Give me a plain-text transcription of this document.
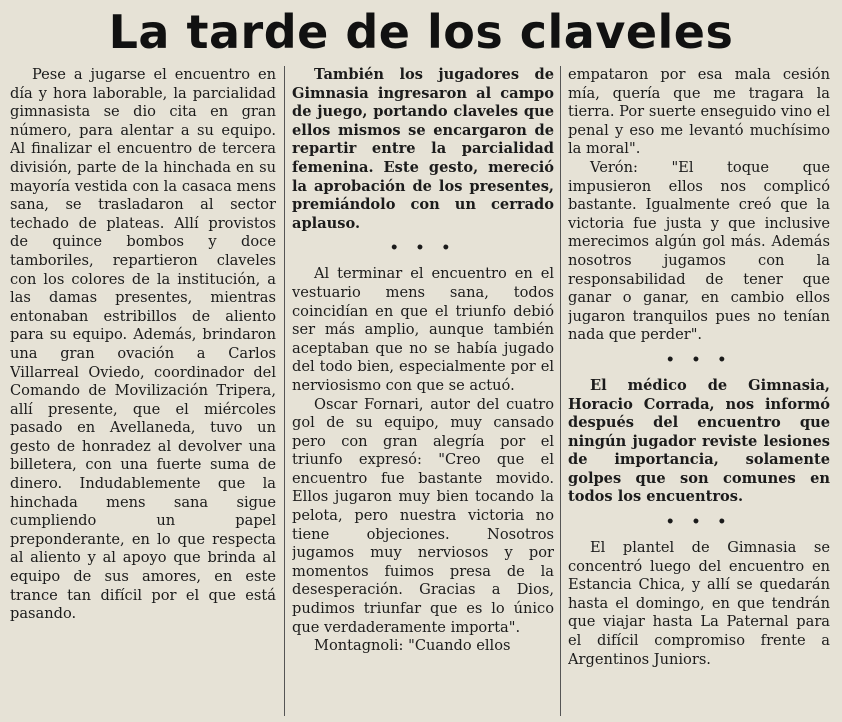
La tarde de los claveles

Pese a jugarse el encuentro en día y hora laborable, la parcialidad gimnasista se dio cita en gran número, para alentar a su equipo. Al finalizar el encuentro de tercera división, parte de la hinchada en su mayoría vestida con la casaca mens sana, se trasladaron al sector techado de plateas. Allí provistos de quince bombos y doce tamboriles, repartieron claveles con los colores de la institución, a las damas presentes, mientras entonaban estribillos de aliento para su equipo. Además, brindaron una gran ovación a Carlos Villarreal Oviedo, coordinador del Comando de Movilización Tripera, allí presente, que el miércoles pasado en Avellaneda, tuvo un gesto de honradez al devolver una billetera, con una fuerte suma de dinero. Indudablemente que la hinchada mens sana sigue cumpliendo un papel preponderante, en lo que respecta al aliento y al apoyo que brinda al equipo de sus amores, en este trance tan difícil por el que está pasando.

También los jugadores de Gimnasia ingresaron al campo de juego, portando claveles que ellos mismos se encargaron de repartir entre la parcialidad femenina. Este gesto, mereció la aprobación de los presentes, premiándolo con un cerrado aplauso.

• • •

Al terminar el encuentro en el vestuario mens sana, todos coincidían en que el triunfo debió ser más amplio, aunque también aceptaban que no se había jugado del todo bien, especialmente por el nerviosismo con que se actuó.

Oscar Fornari, autor del cuatro gol de su equipo, muy cansado pero con gran alegría por el triunfo expresó: "Creo que el encuentro fue bastante movido. Ellos jugaron muy bien tocando la pelota, pero nuestra victoria no tiene objeciones. Nosotros jugamos muy nerviosos y por momentos fuimos presa de la desesperación. Gracias a Dios, pudimos triunfar que es lo único que verdaderamente importa".

Montagnoli: "Cuando ellos

empataron por esa mala cesión mía, quería que me tragara la tierra. Por suerte enseguido vino el penal y eso me levantó muchísimo la moral".

Verón: "El toque que impusieron ellos nos complicó bastante. Igualmente creó que la victoria fue justa y que inclusive merecimos algún gol más. Además nosotros jugamos con la responsabilidad de tener que ganar o ganar, en cambio ellos jugaron tranquilos pues no tenían nada que perder".

• • •

El médico de Gimnasia, Horacio Corrada, nos informó después del encuentro que ningún jugador reviste lesiones de importancia, solamente golpes que son comunes en todos los encuentros.

• • •

El plantel de Gimnasia se concentró luego del encuentro en Estancia Chica, y allí se quedarán hasta el domingo, en que tendrán que viajar hasta La Paternal para el difícil compromiso frente a Argentinos Juniors.
